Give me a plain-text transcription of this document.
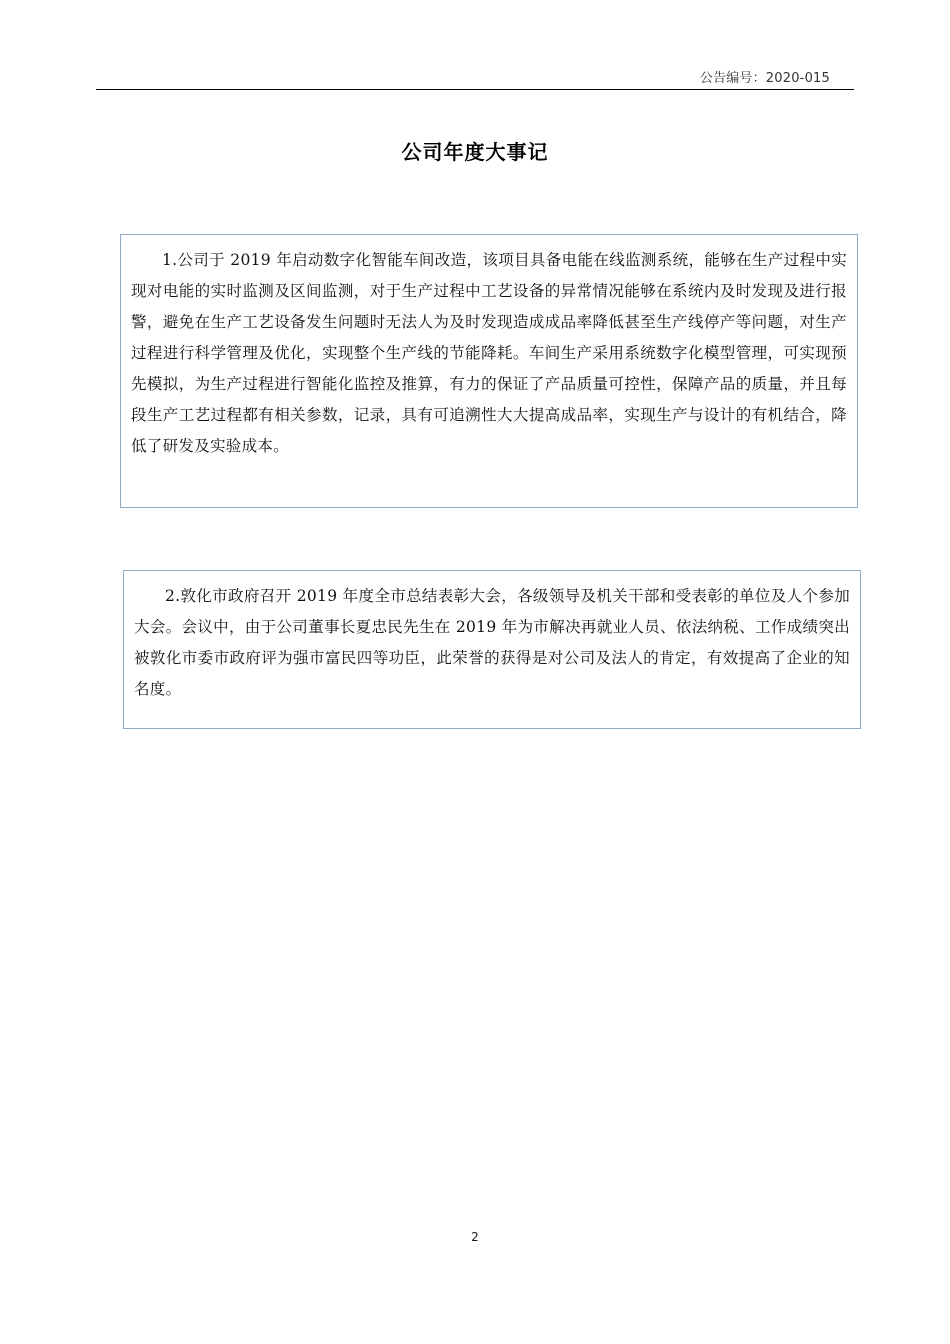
公告编号：2020-015
公司年度大事记
1.公司于 2019 年启动数字化智能车间改造，该项目具备电能在线监测系统，能够在生产过程中实现对电能的实时监测及区间监测，对于生产过程中工艺设备的异常情况能够在系统内及时发现及进行报警，避免在生产工艺设备发生问题时无法人为及时发现造成成品率降低甚至生产线停产等问题，对生产过程进行科学管理及优化，实现整个生产线的节能降耗。车间生产采用系统数字化模型管理，可实现预先模拟，为生产过程进行智能化监控及推算，有力的保证了产品质量可控性，保障产品的质量，并且每段生产工艺过程都有相关参数，记录，具有可追溯性大大提高成品率，实现生产与设计的有机结合，降低了研发及实验成本。
2.敦化市政府召开 2019 年度全市总结表彰大会，各级领导及机关干部和受表彰的单位及人个参加大会。会议中，由于公司董事长夏忠民先生在 2019 年为市解决再就业人员、依法纳税、工作成绩突出被敦化市委市政府评为强市富民四等功臣，此荣誉的获得是对公司及法人的肯定，有效提高了企业的知名度。
2
